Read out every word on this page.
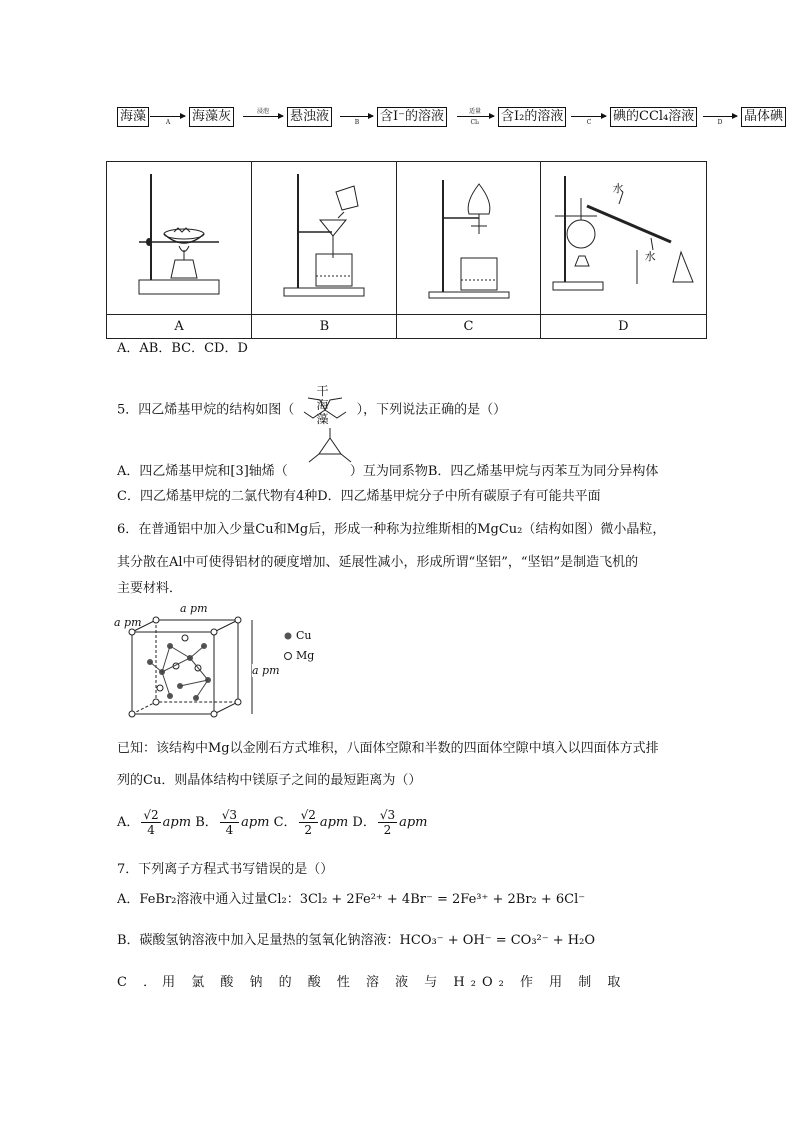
海藻	A	海藻灰	浸泡	悬浊液	B	含I⁻的溶液	适量
Cl₂	含I₂的溶液	C	碘的CCl₄溶液	D	晶体碘
干海藻			水
水

A	B	C	D
A．AB．BC．CD．D
5．四乙烯基甲烷的结构如图（	），下列说法正确的是（）
A．四乙烯基甲烷和[3]轴烯（	）互为同系物B．四乙烯基甲烷与丙苯互为同分异构体
C．四乙烯基甲烷的二氯代物有4种D．四乙烯基甲烷分子中所有碳原子有可能共平面
6．在普通铝中加入少量Cu和Mg后，形成一种称为拉维斯相的MgCu₂（结构如图）微小晶粒，
其分散在Al中可使得铝材的硬度增加、延展性减小，形成所谓“坚铝”，“坚铝”是制造飞机的
主要材料．
a pm
a pm
a pm
Cu
Mg
已知：该结构中Mg以金刚石方式堆积，八面体空隙和半数的四面体空隙中填入以四面体方式排
列的Cu．则晶体结构中镁原子之间的最短距离为（）
A． $\frac{√2}{4}$ apm B． $\frac{√3}{4}$ apm C． $\frac{√2}{2}$ apm D． $\frac{√3}{2}$ apm
7．下列离子方程式书写错误的是（）
A．FeBr₂溶液中通入过量Cl₂：3Cl₂ + 2Fe²⁺ + 4Br⁻ = 2Fe³⁺ + 2Br₂ + 6Cl⁻
B．碳酸氢钠溶液中加入足量热的氢氧化钠溶液：HCO₃⁻ + OH⁻ = CO₃²⁻ + H₂O
C ．用 氯 酸 钠 的 酸 性 溶 液 与 H₂O₂ 作 用 制 取
